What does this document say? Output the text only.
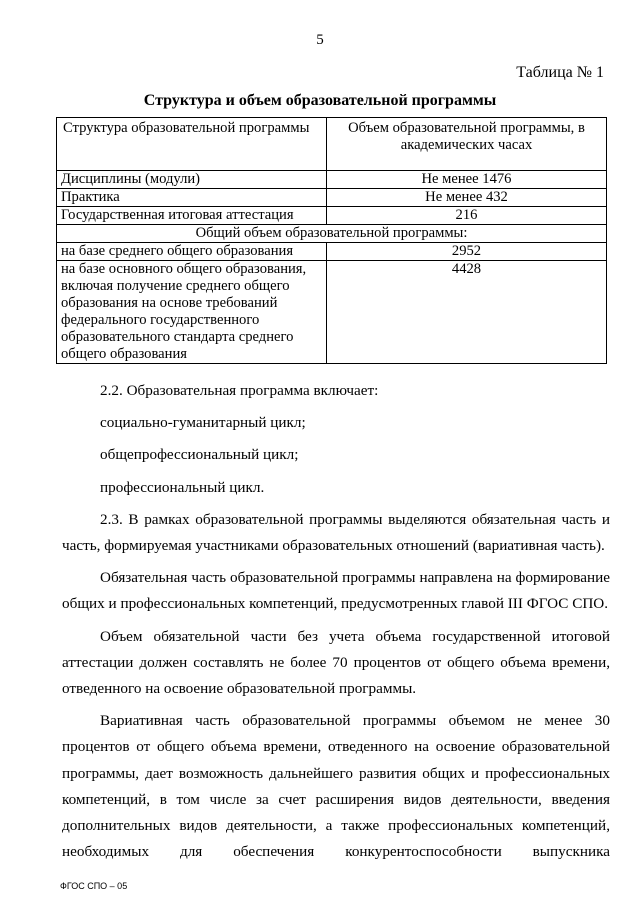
5
Таблица № 1
Структура и объем образовательной программы
Структура образовательной программы	Объем образовательной программы, в академических часах
Дисциплины (модули)	Не менее 1476
Практика	Не менее 432
Государственная итоговая аттестация	216
Общий объем образовательной программы:	
на базе среднего общего образования	2952
на базе основного общего образования, включая получение среднего общего образования на основе требований федерального государственного образовательного стандарта среднего общего образования	4428

2.2. Образовательная программа включает:

социально-гуманитарный цикл;

общепрофессиональный цикл;

профессиональный цикл.

2.3. В рамках образовательной программы выделяются обязательная часть и часть, формируемая участниками образовательных отношений (вариативная часть).

Обязательная часть образовательной программы направлена на формирование общих и профессиональных компетенций, предусмотренных главой III ФГОС СПО.

Объем обязательной части без учета объема государственной итоговой аттестации должен составлять не более 70 процентов от общего объема времени, отведенного на освоение образовательной программы.

Вариативная часть образовательной программы объемом не менее 30 процентов от общего объема времени, отведенного на освоение образовательной программы, дает возможность дальнейшего развития общих и профессиональных компетенций, в том числе за счет расширения видов деятельности, введения дополнительных видов деятельности, а также профессиональных компетенций, необходимых для обеспечения конкурентоспособности выпускника

ФГОС СПО – 05
